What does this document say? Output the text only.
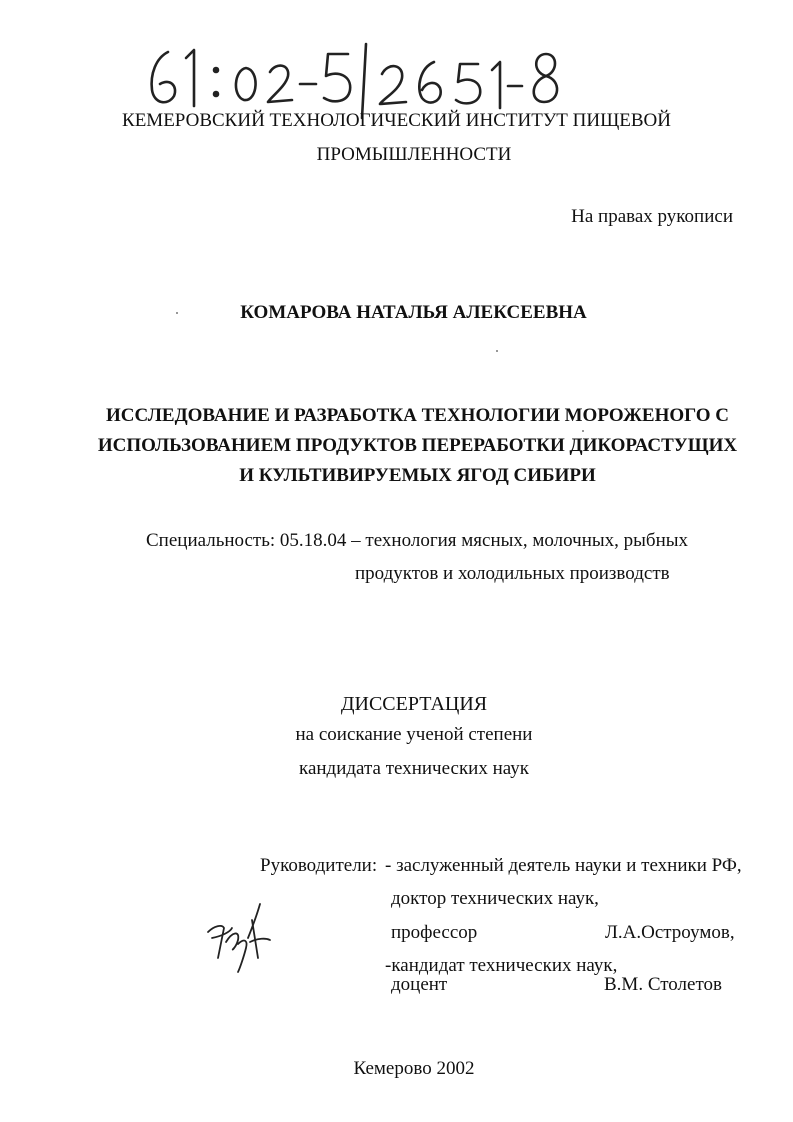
КЕМЕРОВСКИЙ ТЕХНОЛОГИЧЕСКИЙ ИНСТИТУТ ПИЩЕВОЙ
ПРОМЫШЛЕННОСТИ
На правах рукописи
КОМАРОВА НАТАЛЬЯ АЛЕКСЕЕВНА
ИССЛЕДОВАНИЕ И РАЗРАБОТКА ТЕХНОЛОГИИ МОРОЖЕНОГО С
ИСПОЛЬЗОВАНИЕМ ПРОДУКТОВ ПЕРЕРАБОТКИ ДИКОРАСТУЩИХ
И КУЛЬТИВИРУЕМЫХ ЯГОД СИБИРИ
Специальность: 05.18.04 – технология мясных, молочных, рыбных
продуктов и холодильных производств
ДИССЕРТАЦИЯ
на соискание ученой степени
кандидата технических наук
Руководители: - заслуженный деятель науки и техники РФ,
доктор технических наук,
профессор	Л.А.Остроумов,
-кандидат технических наук,
доцент	В.М. Столетов
Кемерово 2002
